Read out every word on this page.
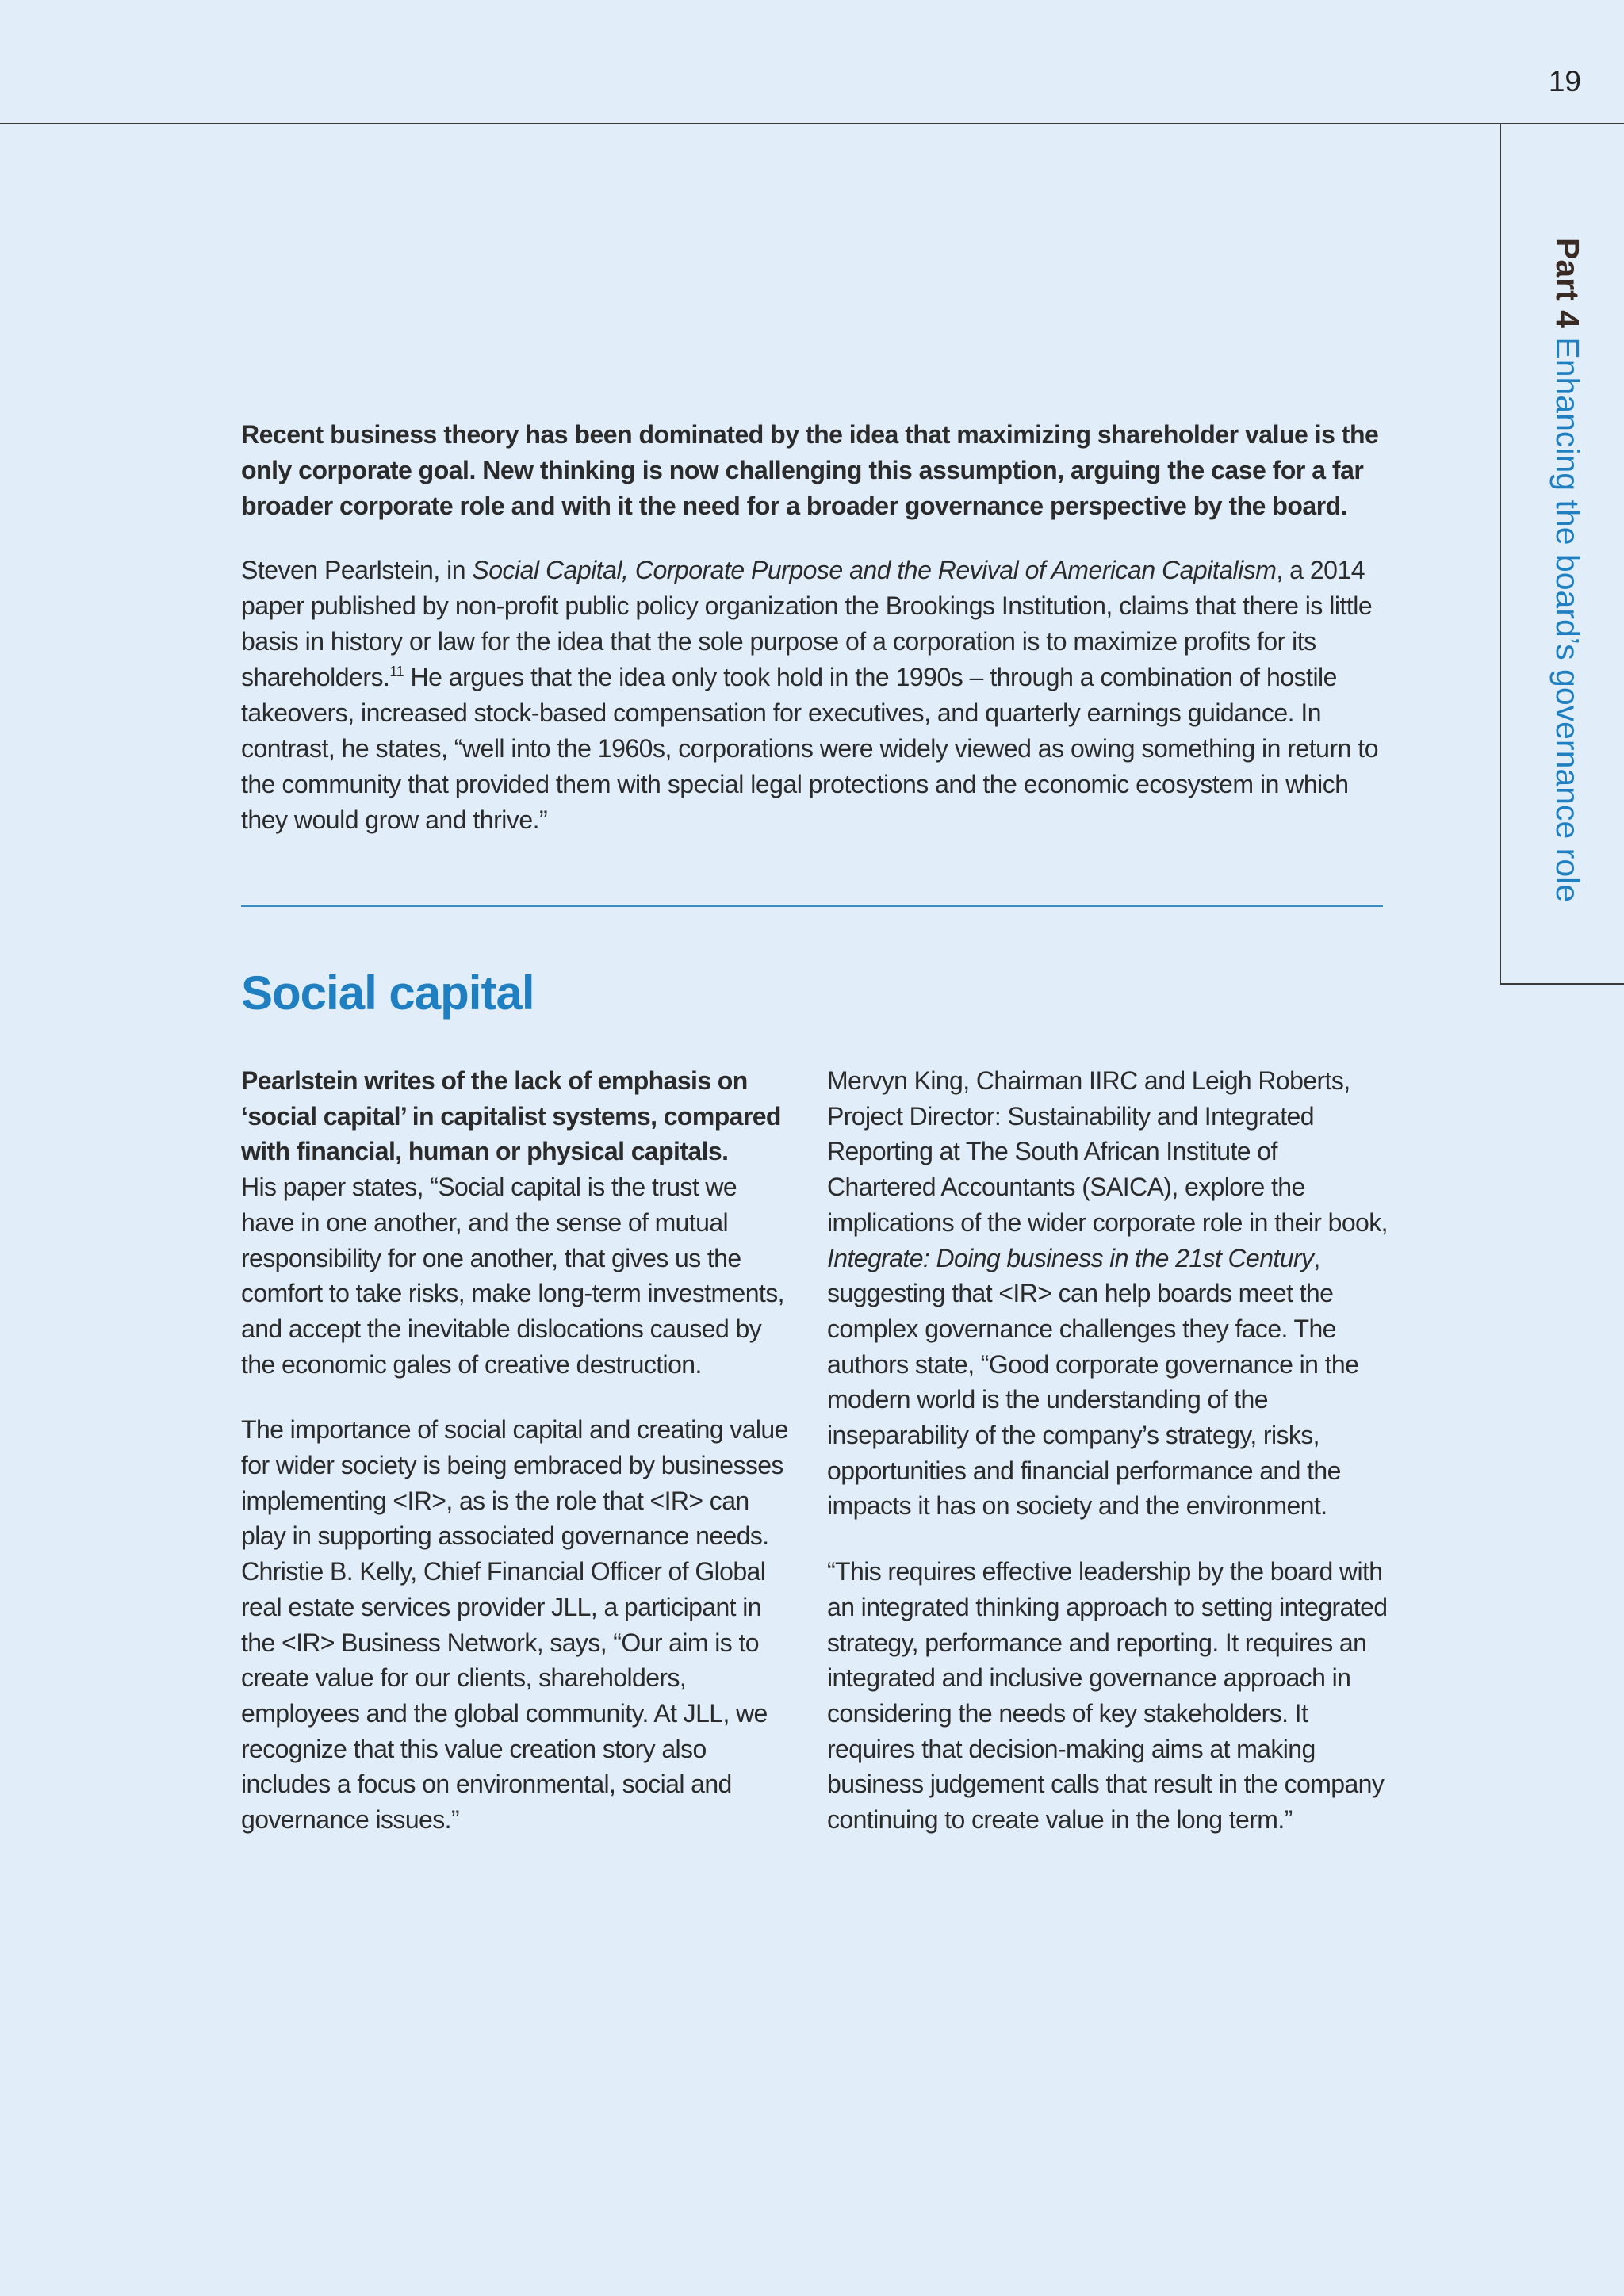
19
Part 4 Enhancing the board’s governance role

Recent business theory has been dominated by the idea that maximizing shareholder value is the only corporate goal. New thinking is now challenging this assumption, arguing the case for a far broader corporate role and with it the need for a broader governance perspective by the board.

Steven Pearlstein, in Social Capital, Corporate Purpose and the Revival of American Capitalism, a 2014 paper published by non-profit public policy organization the Brookings Institution, claims that there is little basis in history or law for the idea that the sole purpose of a corporation is to maximize profits for its shareholders.$^{11}$ He argues that the idea only took hold in the 1990s – through a combination of hostile takeovers, increased stock-based compensation for executives, and quarterly earnings guidance. In contrast, he states, “well into the 1960s, corporations were widely viewed as owing something in return to the community that provided them with special legal protections and the economic ecosystem in which they would grow and thrive.”

Social capital

Pearlstein writes of the lack of emphasis on ‘social capital’ in capitalist systems, compared with financial, human or physical capitals.
His paper states, “Social capital is the trust we have in one another, and the sense of mutual responsibility for one another, that gives us the comfort to take risks, make long-term investments, and accept the inevitable dislocations caused by the economic gales of creative destruction.

The importance of social capital and creating value for wider society is being embraced by businesses implementing <IR>, as is the role that <IR> can play in supporting associated governance needs. Christie B. Kelly, Chief Financial Officer of Global real estate services provider JLL, a participant in the <IR> Business Network, says, “Our aim is to create value for our clients, shareholders, employees and the global community. At JLL, we recognize that this value creation story also includes a focus on environmental, social and governance issues.”

Mervyn King, Chairman IIRC and Leigh Roberts, Project Director: Sustainability and Integrated Reporting at The South African Institute of Chartered Accountants (SAICA), explore the implications of the wider corporate role in their book, Integrate: Doing business in the 21st Century, suggesting that <IR> can help boards meet the complex governance challenges they face. The authors state, “Good corporate governance in the modern world is the understanding of the inseparability of the company’s strategy, risks, opportunities and financial performance and the impacts it has on society and the environment.

“This requires effective leadership by the board with an integrated thinking approach to setting integrated strategy, performance and reporting. It requires an integrated and inclusive governance approach in considering the needs of key stakeholders. It requires that decision-making aims at making business judgement calls that result in the company continuing to create value in the long term.”
